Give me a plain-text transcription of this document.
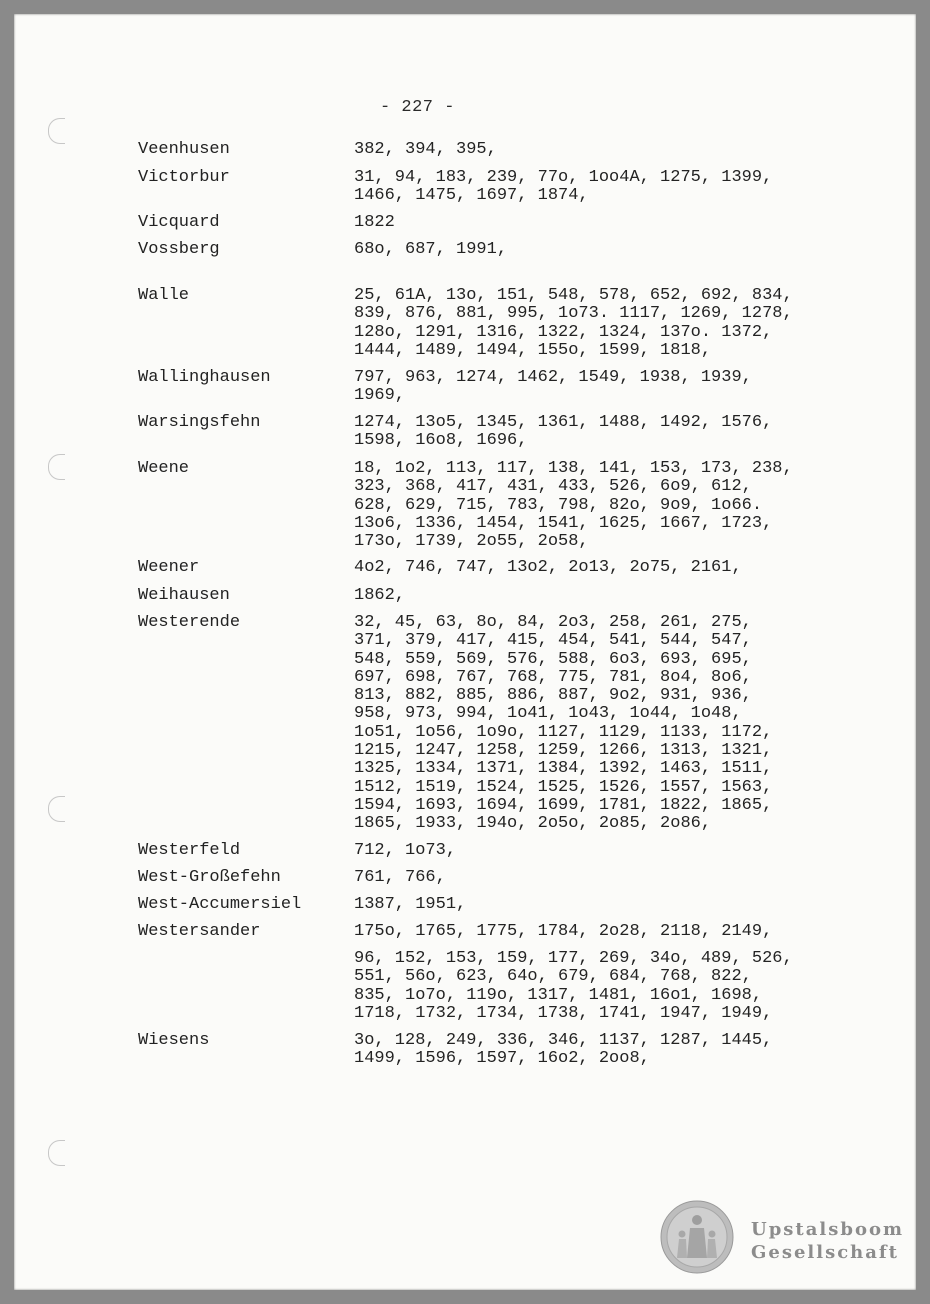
- 227 -
Veenhusen	382, 394, 395,
Victorbur	31, 94, 183, 239, 77o, 1oo4A, 1275, 1399,
1466, 1475, 1697, 1874,
Vicquard	1822
Vossberg	68o, 687, 1991,
Walle	25, 61A, 13o, 151, 548, 578, 652, 692, 834,
839, 876, 881, 995, 1o73. 1117, 1269, 1278,
128o, 1291, 1316, 1322, 1324, 137o. 1372,
1444, 1489, 1494, 155o, 1599, 1818,
Wallinghausen	797, 963, 1274, 1462, 1549, 1938, 1939,
1969,
Warsingsfehn	1274, 13o5, 1345, 1361, 1488, 1492, 1576,
1598, 16o8, 1696,
Weene	18, 1o2, 113, 117, 138, 141, 153, 173, 238,
323, 368, 417, 431, 433, 526, 6o9, 612,
628, 629, 715, 783, 798, 82o, 9o9, 1o66.
13o6, 1336, 1454, 1541, 1625, 1667, 1723,
173o, 1739, 2o55, 2o58,
Weener	4o2, 746, 747, 13o2, 2o13, 2o75, 2161,
Weihausen	1862,
Westerende	32, 45, 63, 8o, 84, 2o3, 258, 261, 275,
371, 379, 417, 415, 454, 541, 544, 547,
548, 559, 569, 576, 588, 6o3, 693, 695,
697, 698, 767, 768, 775, 781, 8o4, 8o6,
813, 882, 885, 886, 887, 9o2, 931, 936,
958, 973, 994, 1o41, 1o43, 1o44, 1o48,
1o51, 1o56, 1o9o, 1127, 1129, 1133, 1172,
1215, 1247, 1258, 1259, 1266, 1313, 1321,
1325, 1334, 1371, 1384, 1392, 1463, 1511,
1512, 1519, 1524, 1525, 1526, 1557, 1563,
1594, 1693, 1694, 1699, 1781, 1822, 1865,
1865, 1933, 194o, 2o5o, 2o85, 2o86,
Westerfeld	712, 1o73,
West-Großefehn	761, 766,
West-Accumersiel	1387, 1951,
Westersander	175o, 1765, 1775, 1784, 2o28, 2118, 2149,
96, 152, 153, 159, 177, 269, 34o, 489, 526,
551, 56o, 623, 64o, 679, 684, 768, 822,
835, 1o7o, 119o, 1317, 1481, 16o1, 1698,
1718, 1732, 1734, 1738, 1741, 1947, 1949,
Wiesens	3o, 128, 249, 336, 346, 1137, 1287, 1445,
1499, 1596, 1597, 16o2, 2oo8,
Upstalsboom
Gesellschaft
